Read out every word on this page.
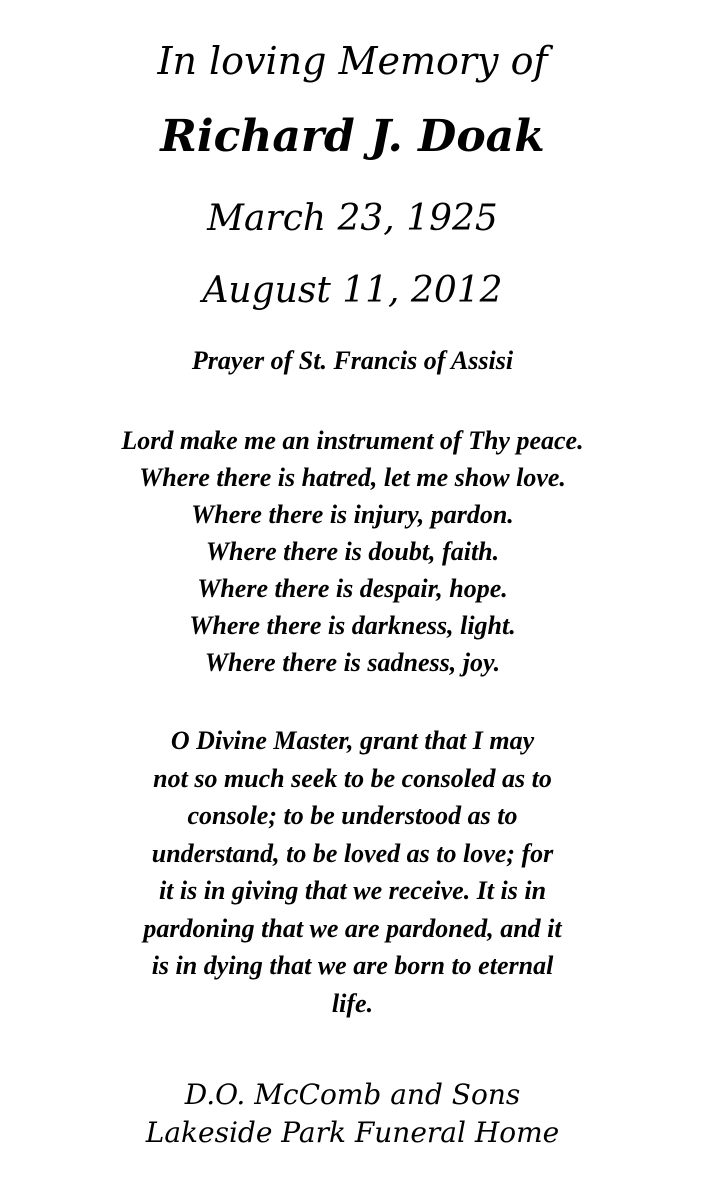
In loving Memory of
Richard J. Doak
March 23, 1925
August 11, 2012
Prayer of St. Francis of Assisi
Lord make me an instrument of Thy peace.
Where there is hatred, let me show love.
Where there is injury, pardon.
Where there is doubt, faith.
Where there is despair, hope.
Where there is darkness, light.
Where there is sadness, joy.
O Divine Master, grant that I may
not so much seek to be consoled as to
console; to be understood as to
understand, to be loved as to love; for
it is in giving that we receive. It is in
pardoning that we are pardoned, and it
is in dying that we are born to eternal
life.
D.O. McComb and Sons
Lakeside Park Funeral Home
